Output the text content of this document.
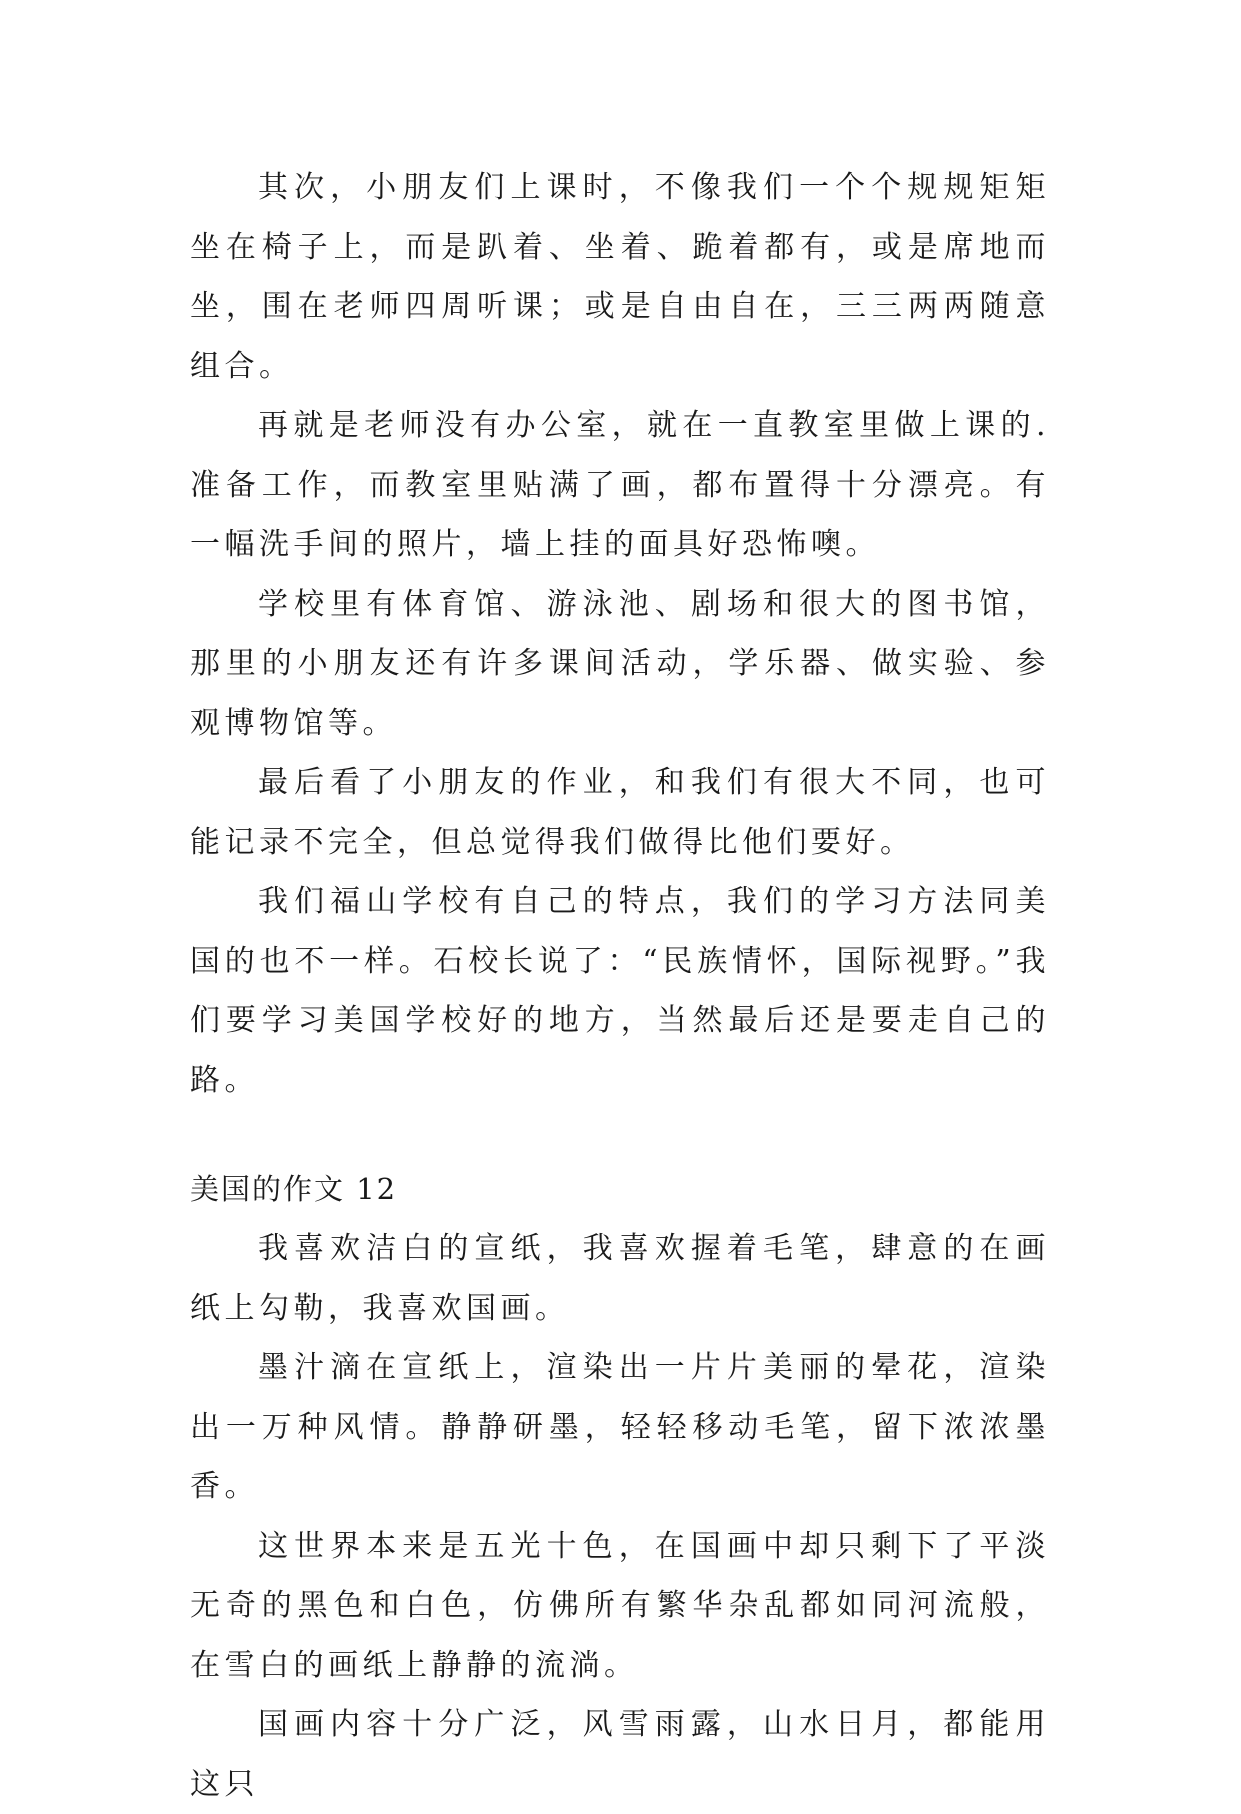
其次，小朋友们上课时，不像我们一个个规规矩矩坐在椅子上，而是趴着、坐着、跪着都有，或是席地而坐，围在老师四周听课；或是自由自在，三三两两随意组合。

再就是老师没有办公室，就在一直教室里做上课的.准备工作，而教室里贴满了画，都布置得十分漂亮。有一幅洗手间的照片，墙上挂的面具好恐怖噢。

学校里有体育馆、游泳池、剧场和很大的图书馆，那里的小朋友还有许多课间活动，学乐器、做实验、参观博物馆等。

最后看了小朋友的作业，和我们有很大不同，也可能记录不完全，但总觉得我们做得比他们要好。

我们福山学校有自己的特点，我们的学习方法同美国的也不一样。石校长说了：“民族情怀，国际视野。”我们要学习美国学校好的地方，当然最后还是要走自己的路。

美国的作文 12

我喜欢洁白的宣纸，我喜欢握着毛笔，肆意的在画纸上勾勒，我喜欢国画。

墨汁滴在宣纸上，渲染出一片片美丽的晕花，渲染出一万种风情。静静研墨，轻轻移动毛笔，留下浓浓墨香。

这世界本来是五光十色，在国画中却只剩下了平淡无奇的黑色和白色，仿佛所有繁华杂乱都如同河流般，在雪白的画纸上静静的流淌。

国画内容十分广泛，风雪雨露，山水日月，都能用这只
